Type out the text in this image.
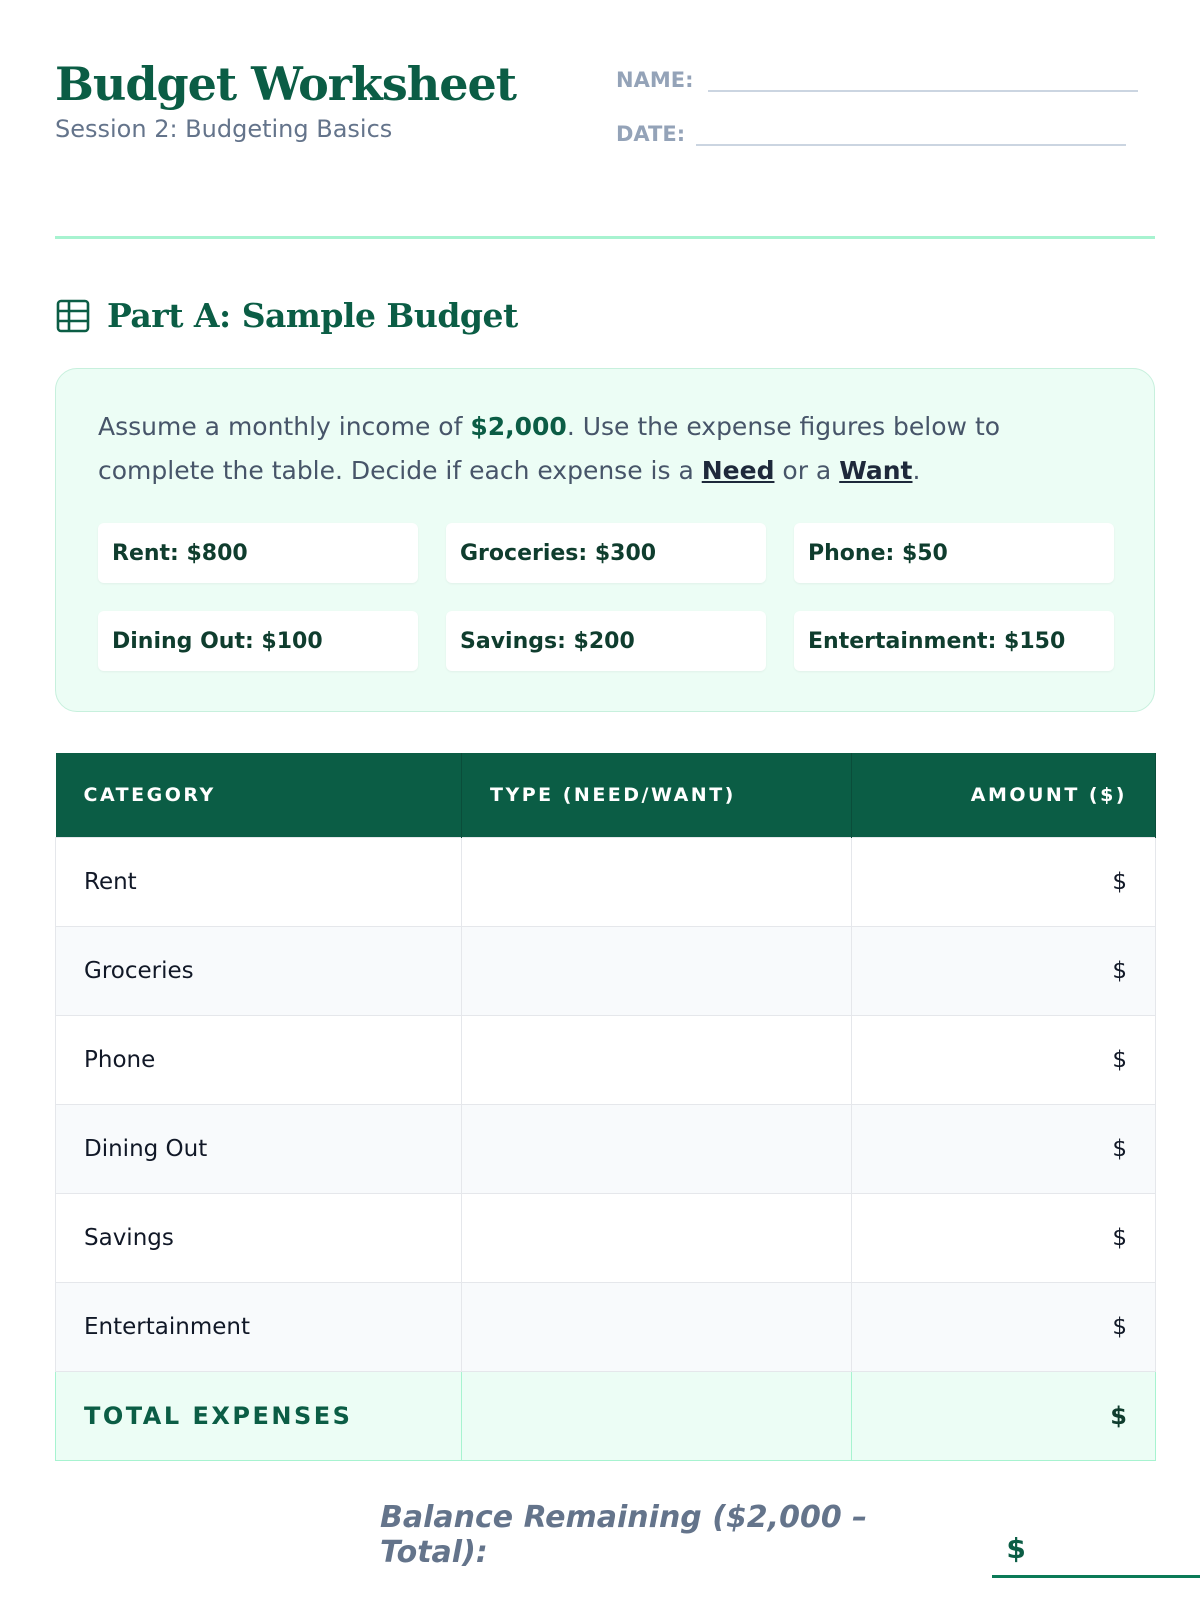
Budget Worksheet
Session 2: Budgeting Basics
NAME:
DATE:
Part A: Sample Budget

Assume a monthly income of $2,000. Use the expense figures below to complete the table. Decide if each expense is a Need or a Want.

Rent: $800	Groceries: $300	Phone: $50
Dining Out: $100	Savings: $200	Entertainment: $150
CATEGORY	TYPE (NEED/WANT)	AMOUNT ($)
Rent		$
Groceries		$
Phone		$
Dining Out		$
Savings		$
Entertainment		$
TOTAL EXPENSES		$
Balance Remaining ($2,000 – Total):	$
